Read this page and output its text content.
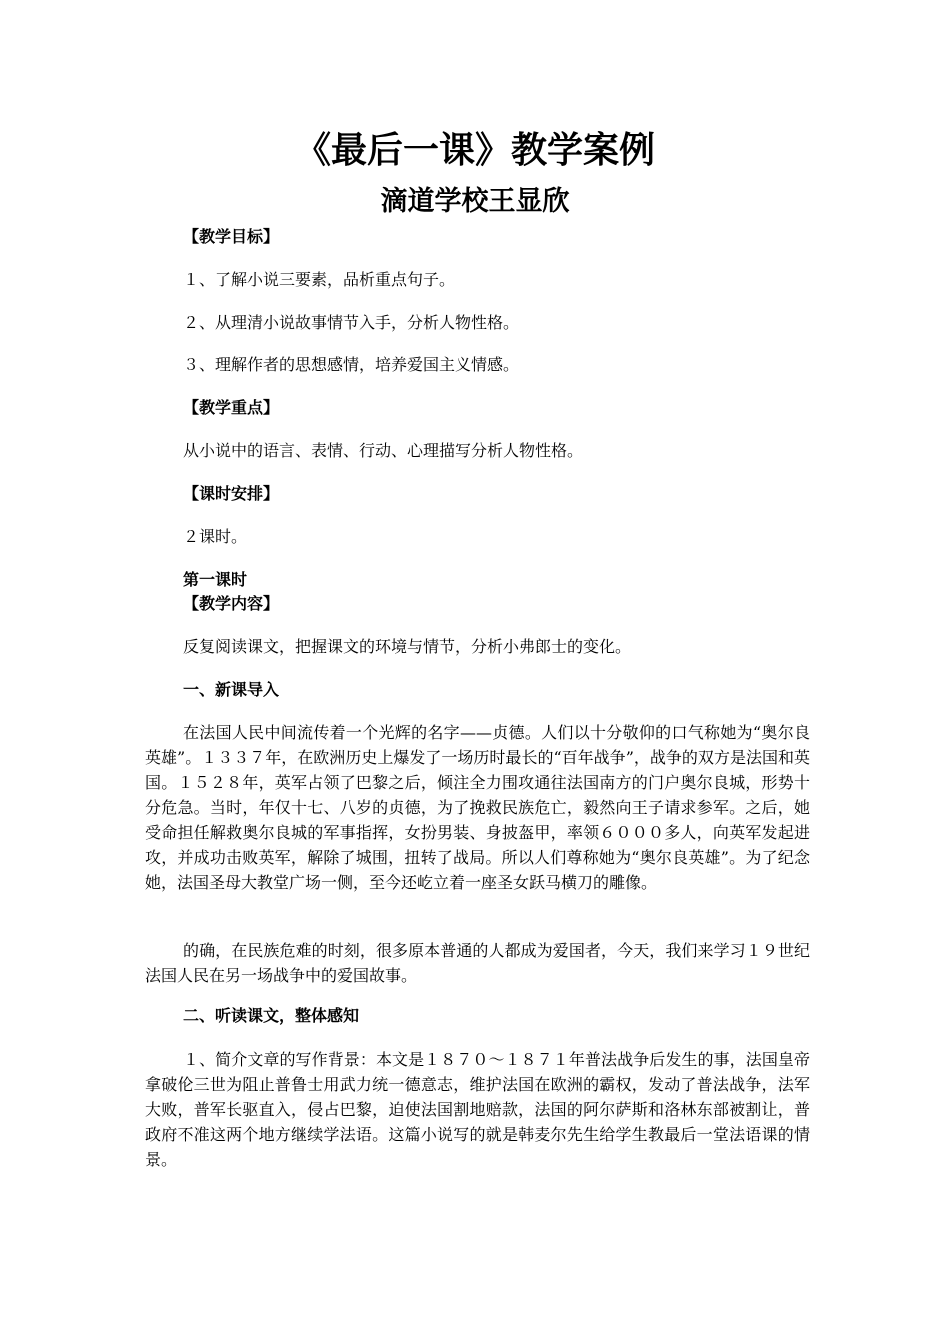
《最后一课》教学案例
滴道学校王显欣
【教学目标】
１、了解小说三要素，品析重点句子。
２、从理清小说故事情节入手，分析人物性格。
３、理解作者的思想感情，培养爱国主义情感。
【教学重点】
从小说中的语言、表情、行动、心理描写分析人物性格。
【课时安排】
２课时。
第一课时
【教学内容】
反复阅读课文，把握课文的环境与情节，分析小弗郎士的变化。
一、新课导入
在法国人民中间流传着一个光辉的名字——贞德。人们以十分敬仰的口气称她为“奥尔良英雄”。１３３７年，在欧洲历史上爆发了一场历时最长的“百年战争”，战争的双方是法国和英国。１５２８年，英军占领了巴黎之后，倾注全力围攻通往法国南方的门户奥尔良城，形势十分危急。当时，年仅十七、八岁的贞德，为了挽救民族危亡，毅然向王子请求参军。之后，她受命担任解救奥尔良城的军事指挥，女扮男装、身披盔甲，率领６０００多人，向英军发起进攻，并成功击败英军，解除了城围，扭转了战局。所以人们尊称她为“奥尔良英雄”。为了纪念她，法国圣母大教堂广场一侧，至今还屹立着一座圣女跃马横刀的雕像。
的确，在民族危难的时刻，很多原本普通的人都成为爱国者，今天，我们来学习１９世纪法国人民在另一场战争中的爱国故事。
二、听读课文，整体感知
１、简介文章的写作背景：本文是１８７０～１８７１年普法战争后发生的事，法国皇帝拿破伦三世为阻止普鲁士用武力统一德意志，维护法国在欧洲的霸权，发动了普法战争，法军大败，普军长驱直入，侵占巴黎，迫使法国割地赔款，法国的阿尔萨斯和洛林东部被割让，普政府不准这两个地方继续学法语。这篇小说写的就是韩麦尔先生给学生教最后一堂法语课的情景。
